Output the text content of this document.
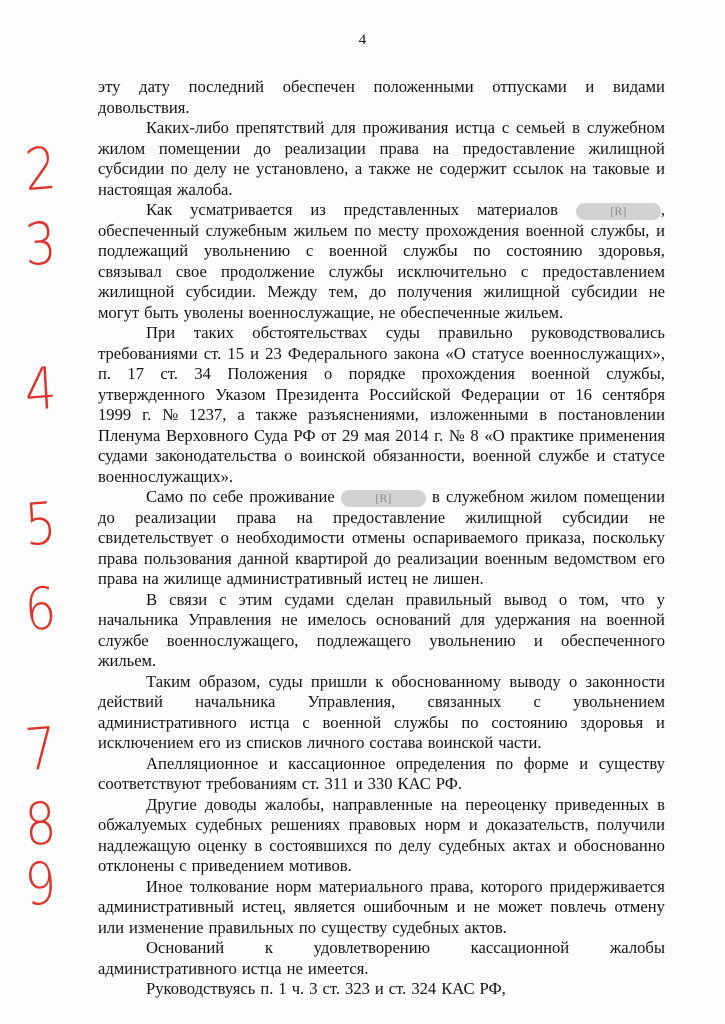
4
эту дату последний обеспечен положенными отпусками и видами
довольствия.
Каких-либо препятствий для проживания истца с семьей в служебном
жилом помещении до реализации права на предоставление жилищной
субсидии по делу не установлено, а также не содержит ссылок на таковые и
настоящая жалоба.
Как усматривается из представленных материалов	[R] ,
обеспеченный служебным жильем по месту прохождения военной службы, и
подлежащий увольнению с военной службы по состоянию здоровья,
связывал свое продолжение службы исключительно с предоставлением
жилищной субсидии. Между тем, до получения жилищной субсидии не
могут быть уволены военнослужащие, не обеспеченные жильем.
При таких обстоятельствах суды правильно руководствовались
требованиями ст. 15 и 23 Федерального закона «О статусе военнослужащих»,
п. 17 ст. 34 Положения о порядке прохождения военной службы,
утвержденного Указом Президента Российской Федерации от 16 сентября
1999 г. № 1237, а также разъяснениями, изложенными в постановлении
Пленума Верховного Суда РФ от 29 мая 2014 г. № 8 «О практике применения
судами законодательства о воинской обязанности, военной службе и статусе
военнослужащих».
Само по себе проживание	[R]	в служебном жилом помещении
до реализации права на предоставление жилищной субсидии не
свидетельствует о необходимости отмены оспариваемого приказа, поскольку
права пользования данной квартирой до реализации военным ведомством его
права на жилище административный истец не лишен.
В связи с этим судами сделан правильный вывод о том, что у
начальника Управления не имелось оснований для удержания на военной
службе военнослужащего, подлежащего увольнению и обеспеченного
жильем.
Таким образом, суды пришли к обоснованному выводу о законности
действий начальника Управления, связанных с увольнением
административного истца с военной службы по состоянию здоровья и
исключением его из списков личного состава воинской части.
Апелляционное и кассационное определения по форме и существу
соответствуют требованиям ст. 311 и 330 КАС РФ.
Другие доводы жалобы, направленные на переоценку приведенных в
обжалуемых судебных решениях правовых норм и доказательств, получили
надлежащую оценку в состоявшихся по делу судебных актах и обоснованно
отклонены с приведением мотивов.
Иное толкование норм материального права, которого придерживается
административный истец, является ошибочным и не может повлечь отмену
или изменение правильных по существу судебных актов.
Оснований к удовлетворению кассационной жалобы
административного истца не имеется.
Руководствуясь п. 1 ч. 3 ст. 323 и ст. 324 КАС РФ,
2
3
4
5
6
7
8
9
